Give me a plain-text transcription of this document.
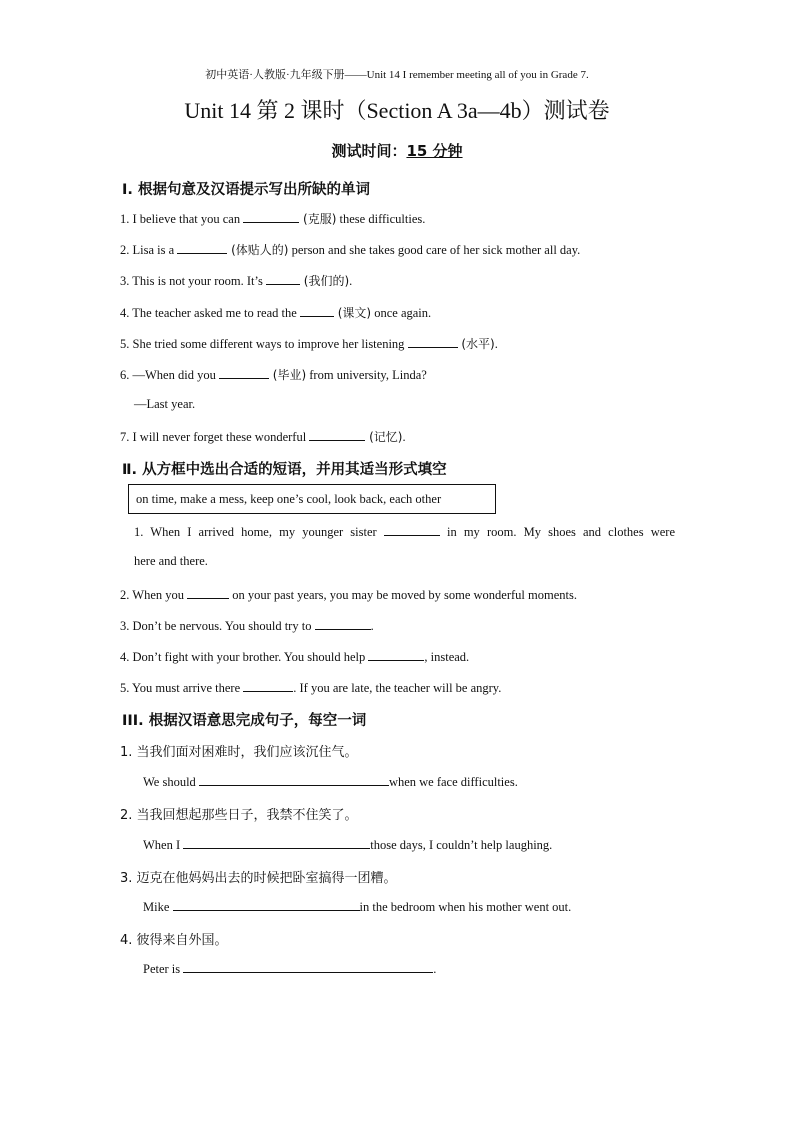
初中英语·人教版·九年级下册——Unit 14 I remember meeting all of you in Grade 7.
Unit 14 第 2 课时（Section A 3a—4b）测试卷
测试时间：15 分钟
Ⅰ. 根据句意及汉语提示写出所缺的单词
1. I believe that you can	(克服) these difficulties.
2. Lisa is a	(体贴人的) person and she takes good care of her sick mother all day.
3. This is not your room. It’s	(我们的).
4. The teacher asked me to read the	(课文) once again.
5. She tried some different ways to improve her listening	(水平).
6. —When did you	(毕业) from university, Linda?
—Last year.
7. I will never forget these wonderful	(记忆).
Ⅱ. 从方框中选出合适的短语，并用其适当形式填空
on time, make a mess, keep one’s cool, look back, each other
1. When I arrived home, my younger sister	in my room. My shoes and clothes were
here and there.
2. When you	on your past years, you may be moved by some wonderful moments.
3. Don’t be nervous. You should try to	.
4. Don’t fight with your brother. You should help	, instead.
5. You must arrive there	. If you are late, the teacher will be angry.
III. 根据汉语意思完成句子，每空一词
1. 当我们面对困难时，我们应该沉住气。
We should	when we face difficulties.
2. 当我回想起那些日子，我禁不住笑了。
When I	those days, I couldn’t help laughing.
3. 迈克在他妈妈出去的时候把卧室搞得一团糟。
Mike	in the bedroom when his mother went out.
4. 彼得来自外国。
Peter is	.
